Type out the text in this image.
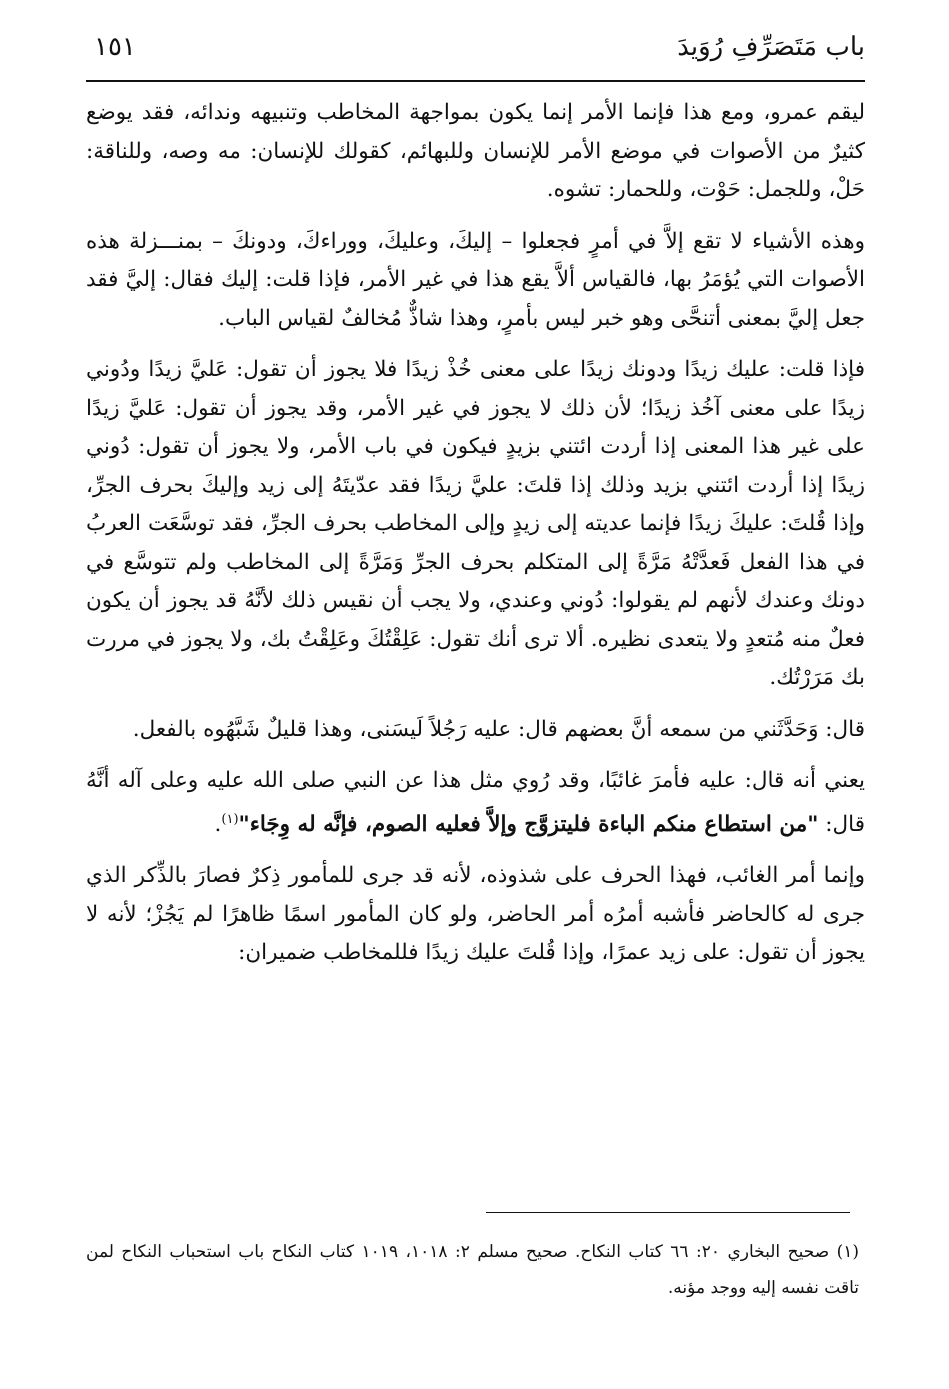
باب مَتَصَرِّفِ رُوَيدَ
١٥١

ليقم عمرو، ومع هذا فإنما الأمر إنما يكون بمواجهة المخاطب وتنبيهه وندائه، فقد يوضع كثيرٌ من الأصوات في موضع الأمر للإنسان وللبهائم، كقولك للإنسان: مه وصه، وللناقة: حَلْ، وللجمل: حَوْت، وللحمار: تشوه.

وهذه الأشياء لا تقع إلاَّ في أمرٍ فجعلوا – إليكَ، وعليكَ، ووراءكَ، ودونكَ – بمنـــزلة هذه الأصوات التي يُؤمَرُ بها، فالقياس ألاَّ يقع هذا في غير الأمر، فإذا قلت: إليك فقال: إليَّ فقد جعل إليَّ بمعنى أتنحَّى وهو خبر ليس بأمرٍ، وهذا شاذٌّ مُخالفٌ لقياس الباب.

فإذا قلت: عليك زيدًا ودونك زيدًا على معنى خُذْ زيدًا فلا يجوز أن تقول: عَليَّ زيدًا ودُوني زيدًا على معنى آخُذ زيدًا؛ لأن ذلك لا يجوز في غير الأمر، وقد يجوز أن تقول: عَليَّ زيدًا على غير هذا المعنى إذا أردت ائتني بزيدٍ فيكون في باب الأمر، ولا يجوز أن تقول: دُوني زيدًا إذا أردت ائتني بزيد وذلك إذا قلتَ: عليَّ زيدًا فقد عدّيتَهُ إلى زيد وإليكَ بحرف الجرِّ، وإذا قُلتَ: عليكَ زيدًا فإنما عديته إلى زيدٍ وإلى المخاطب بحرف الجرِّ، فقد توسَّعَت العربُ في هذا الفعل فَعدَّتْهُ مَرَّةً إلى المتكلم بحرف الجرِّ وَمَرَّةً إلى المخاطب ولم تتوسَّع في دونك وعندك لأنهم لم يقولوا: دُوني وعندي، ولا يجب أن نقيس ذلك لأنَّهُ قد يجوز أن يكون فعلٌ منه مُتعدٍ ولا يتعدى نظيره. ألا ترى أنك تقول: عَلِقْتُكَ وعَلِقْتُ بك، ولا يجوز في مررت بك مَرَرْتُك.

قال: وَحَدَّثَني من سمعه أنَّ بعضهم قال: عليه رَجُلاً لَيسَنى، وهذا قليلٌ شَبَّهُوه بالفعل.

يعني أنه قال: عليه فأمرَ غائبًا، وقد رُوي مثل هذا عن النبي صلى الله عليه وعلى آله أنَّهُ قال: "من استطاع منكم الباءة فليتزوَّج وإلاَّ فعليه الصوم، فإنَّه له وِجَاء"$^{(١)}$.

وإنما أمر الغائب، فهذا الحرف على شذوذه، لأنه قد جرى للمأمور ذِكرٌ فصارَ بالذِّكر الذي جرى له كالحاضر فأشبه أمرُه أمر الحاضر، ولو كان المأمور اسمًا ظاهرًا لم يَجُزْ؛ لأنه لا يجوز أن تقول: على زيد عمرًا، وإذا قُلتَ عليك زيدًا فللمخاطب ضميران:

(١) صحيح البخاري ٢٠: ٦٦ كتاب النكاح. صحيح مسلم ٢: ١٠١٨، ١٠١٩ كتاب النكاح باب استحباب النكاح لمن تاقت نفسه إليه ووجد مؤنه.
